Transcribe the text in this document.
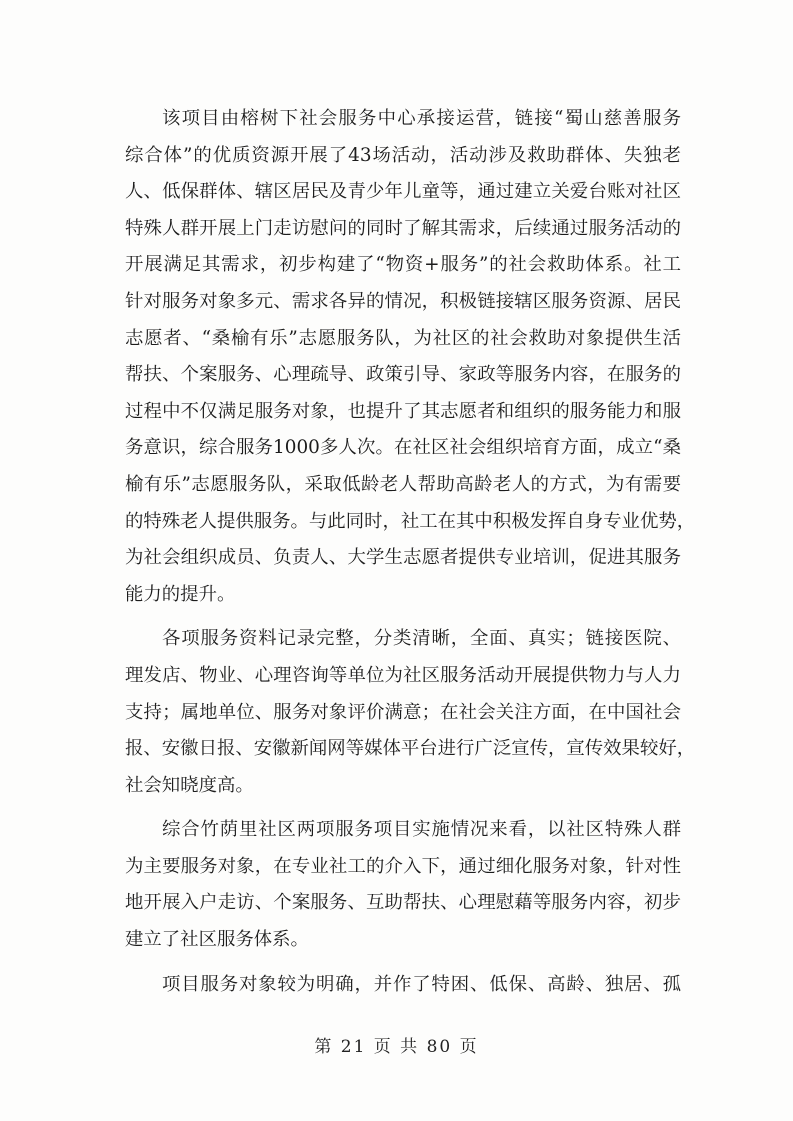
该项目由榕树下社会服务中心承接运营，链接“蜀山慈善服务
综合体”的优质资源开展了43场活动，活动涉及救助群体、失独老
人、低保群体、辖区居民及青少年儿童等，通过建立关爱台账对社区
特殊人群开展上门走访慰问的同时了解其需求，后续通过服务活动的
开展满足其需求，初步构建了“物资+服务”的社会救助体系。社工
针对服务对象多元、需求各异的情况，积极链接辖区服务资源、居民
志愿者、“桑榆有乐”志愿服务队，为社区的社会救助对象提供生活
帮扶、个案服务、心理疏导、政策引导、家政等服务内容，在服务的
过程中不仅满足服务对象，也提升了其志愿者和组织的服务能力和服
务意识，综合服务1000多人次。在社区社会组织培育方面，成立“桑
榆有乐”志愿服务队，采取低龄老人帮助高龄老人的方式，为有需要
的特殊老人提供服务。与此同时，社工在其中积极发挥自身专业优势，
为社会组织成员、负责人、大学生志愿者提供专业培训，促进其服务
能力的提升。
各项服务资料记录完整，分类清晰，全面、真实；链接医院、
理发店、物业、心理咨询等单位为社区服务活动开展提供物力与人力
支持；属地单位、服务对象评价满意；在社会关注方面，在中国社会
报、安徽日报、安徽新闻网等媒体平台进行广泛宣传，宣传效果较好，
社会知晓度高。
综合竹荫里社区两项服务项目实施情况来看，以社区特殊人群
为主要服务对象，在专业社工的介入下，通过细化服务对象，针对性
地开展入户走访、个案服务、互助帮扶、心理慰藉等服务内容，初步
建立了社区服务体系。
项目服务对象较为明确，并作了特困、低保、高龄、独居、孤
第 21 页 共 80 页
